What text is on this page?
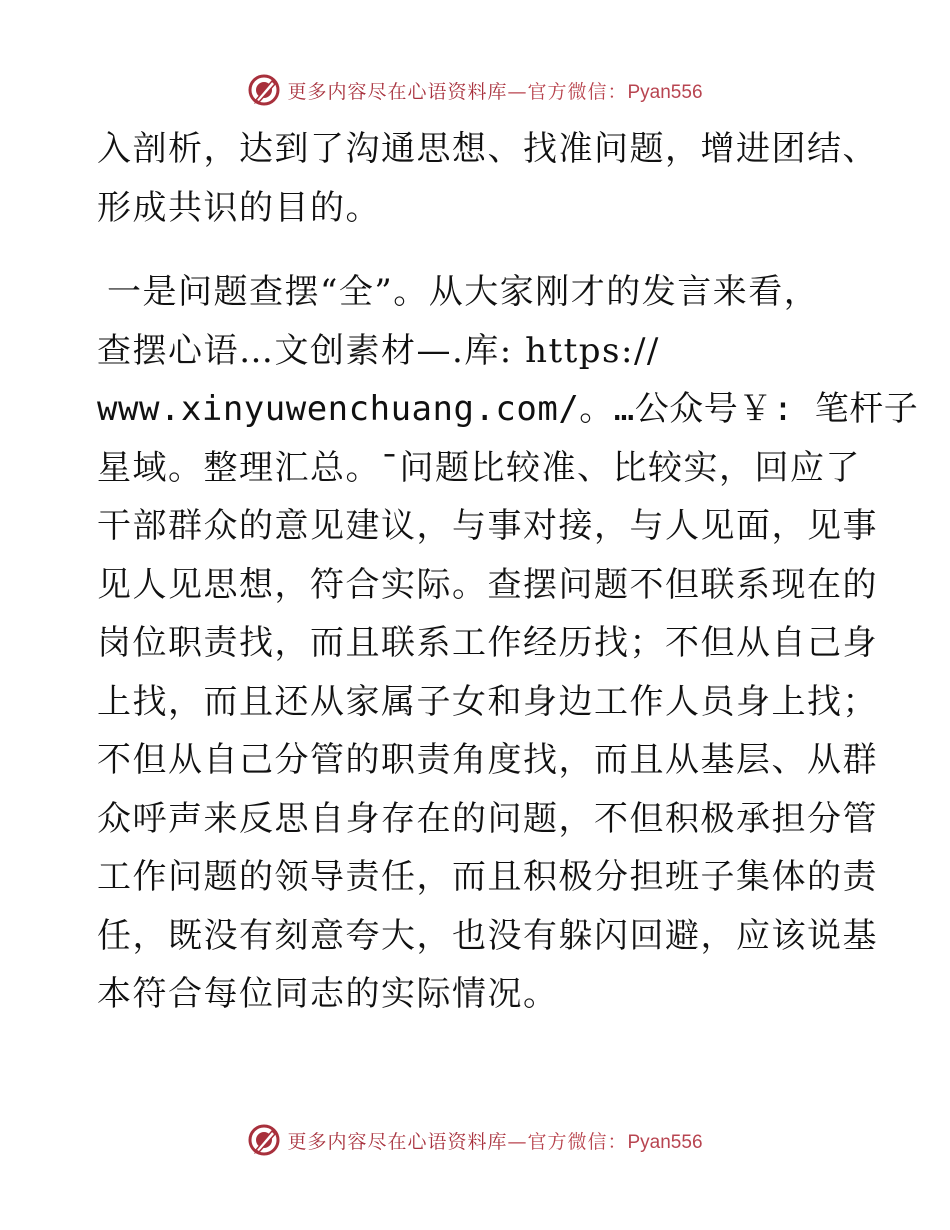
更多内容尽在心语资料库—官方微信：Pyan556
入剖析，达到了沟通思想、找准问题，增进团结、
形成共识的目的。
一是问题查摆“全”。从大家刚才的发言来看，
查摆心语…文创素材—.库: https://
www.xinyuwenchuang.com/。…公众号￥: 笔杆子
星域。整理汇总。¯问题比较准、比较实，回应了
干部群众的意见建议，与事对接，与人见面，见事
见人见思想，符合实际。查摆问题不但联系现在的
岗位职责找，而且联系工作经历找；不但从自己身
上找，而且还从家属子女和身边工作人员身上找；
不但从自己分管的职责角度找，而且从基层、从群
众呼声来反思自身存在的问题，不但积极承担分管
工作问题的领导责任，而且积极分担班子集体的责
任，既没有刻意夸大，也没有躲闪回避，应该说基
本符合每位同志的实际情况。
更多内容尽在心语资料库—官方微信：Pyan556
